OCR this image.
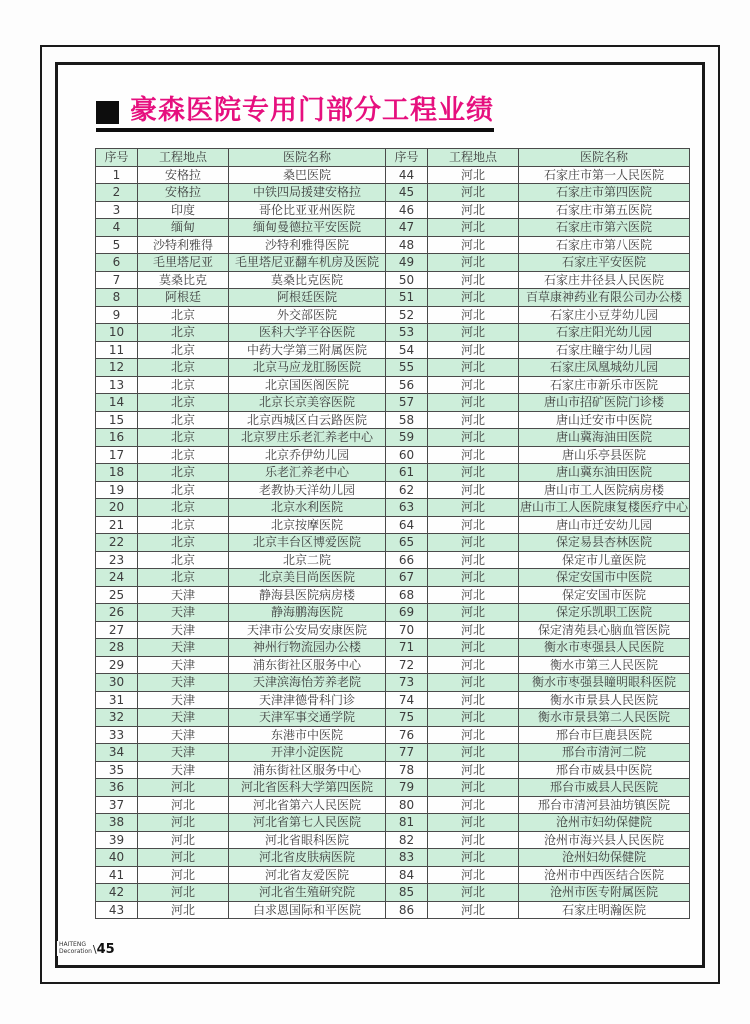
豪森医院专用门部分工程业绩
序号	工程地点	医院名称	序号	工程地点	医院名称
1	安格拉	桑巴医院	44	河北	石家庄市第一人民医院
2	安格拉	中铁四局援建安格拉	45	河北	石家庄市第四医院
3	印度	哥伦比亚亚州医院	46	河北	石家庄市第五医院
4	缅甸	缅甸曼德拉平安医院	47	河北	石家庄市第六医院
5	沙特利雅得	沙特利雅得医院	48	河北	石家庄市第八医院
6	毛里塔尼亚	毛里塔尼亚翻车机房及医院	49	河北	石家庄平安医院
7	莫桑比克	莫桑比克医院	50	河北	石家庄井径县人民医院
8	阿根廷	阿根廷医院	51	河北	百草康神药业有限公司办公楼
9	北京	外交部医院	52	河北	石家庄小豆芽幼儿园
10	北京	医科大学平谷医院	53	河北	石家庄阳光幼儿园
11	北京	中药大学第三附属医院	54	河北	石家庄瞳宇幼儿园
12	北京	北京马应龙肛肠医院	55	河北	石家庄凤凰城幼儿园
13	北京	北京国医阁医院	56	河北	石家庄市新乐市医院
14	北京	北京长京美容医院	57	河北	唐山市招矿医院门诊楼
15	北京	北京西城区白云路医院	58	河北	唐山迁安市中医院
16	北京	北京罗庄乐老汇养老中心	59	河北	唐山冀海油田医院
17	北京	北京乔伊幼儿园	60	河北	唐山乐亭县医院
18	北京	乐老汇养老中心	61	河北	唐山冀东油田医院
19	北京	老教协天洋幼儿园	62	河北	唐山市工人医院病房楼
20	北京	北京水利医院	63	河北	唐山市工人医院康复楼医疗中心
21	北京	北京按摩医院	64	河北	唐山市迁安幼儿园
22	北京	北京丰台区博爱医院	65	河北	保定易县杏林医院
23	北京	北京二院	66	河北	保定市儿童医院
24	北京	北京美目尚医医院	67	河北	保定安国市中医院
25	天津	静海县医院病房楼	68	河北	保定安国市医院
26	天津	静海鹏海医院	69	河北	保定乐凯职工医院
27	天津	天津市公安局安康医院	70	河北	保定清苑县心脑血管医院
28	天津	神州行物流园办公楼	71	河北	衡水市枣强县人民医院
29	天津	浦东街社区服务中心	72	河北	衡水市第三人民医院
30	天津	天津滨海怡芳养老院	73	河北	衡水市枣强县瞳明眼科医院
31	天津	天津津德骨科门诊	74	河北	衡水市景县人民医院
32	天津	天津军事交通学院	75	河北	衡水市景县第二人民医院
33	天津	东港市中医院	76	河北	邢台市巨鹿县医院
34	天津	开津小淀医院	77	河北	邢台市清河二院
35	天津	浦东街社区服务中心	78	河北	邢台市威县中医院
36	河北	河北省医科大学第四医院	79	河北	邢台市威县人民医院
37	河北	河北省第六人民医院	80	河北	邢台市清河县油坊镇医院
38	河北	河北省第七人民医院	81	河北	沧州市妇幼保健院
39	河北	河北省眼科医院	82	河北	沧州市海兴县人民医院
40	河北	河北省皮肤病医院	83	河北	沧州妇幼保健院
41	河北	河北省友爱医院	84	河北	沧州市中西医结合医院
42	河北	河北省生殖研究院	85	河北	沧州市医专附属医院
43	河北	白求恩国际和平医院	86	河北	石家庄明瀚医院
HAITENG
Decoration \ 45
